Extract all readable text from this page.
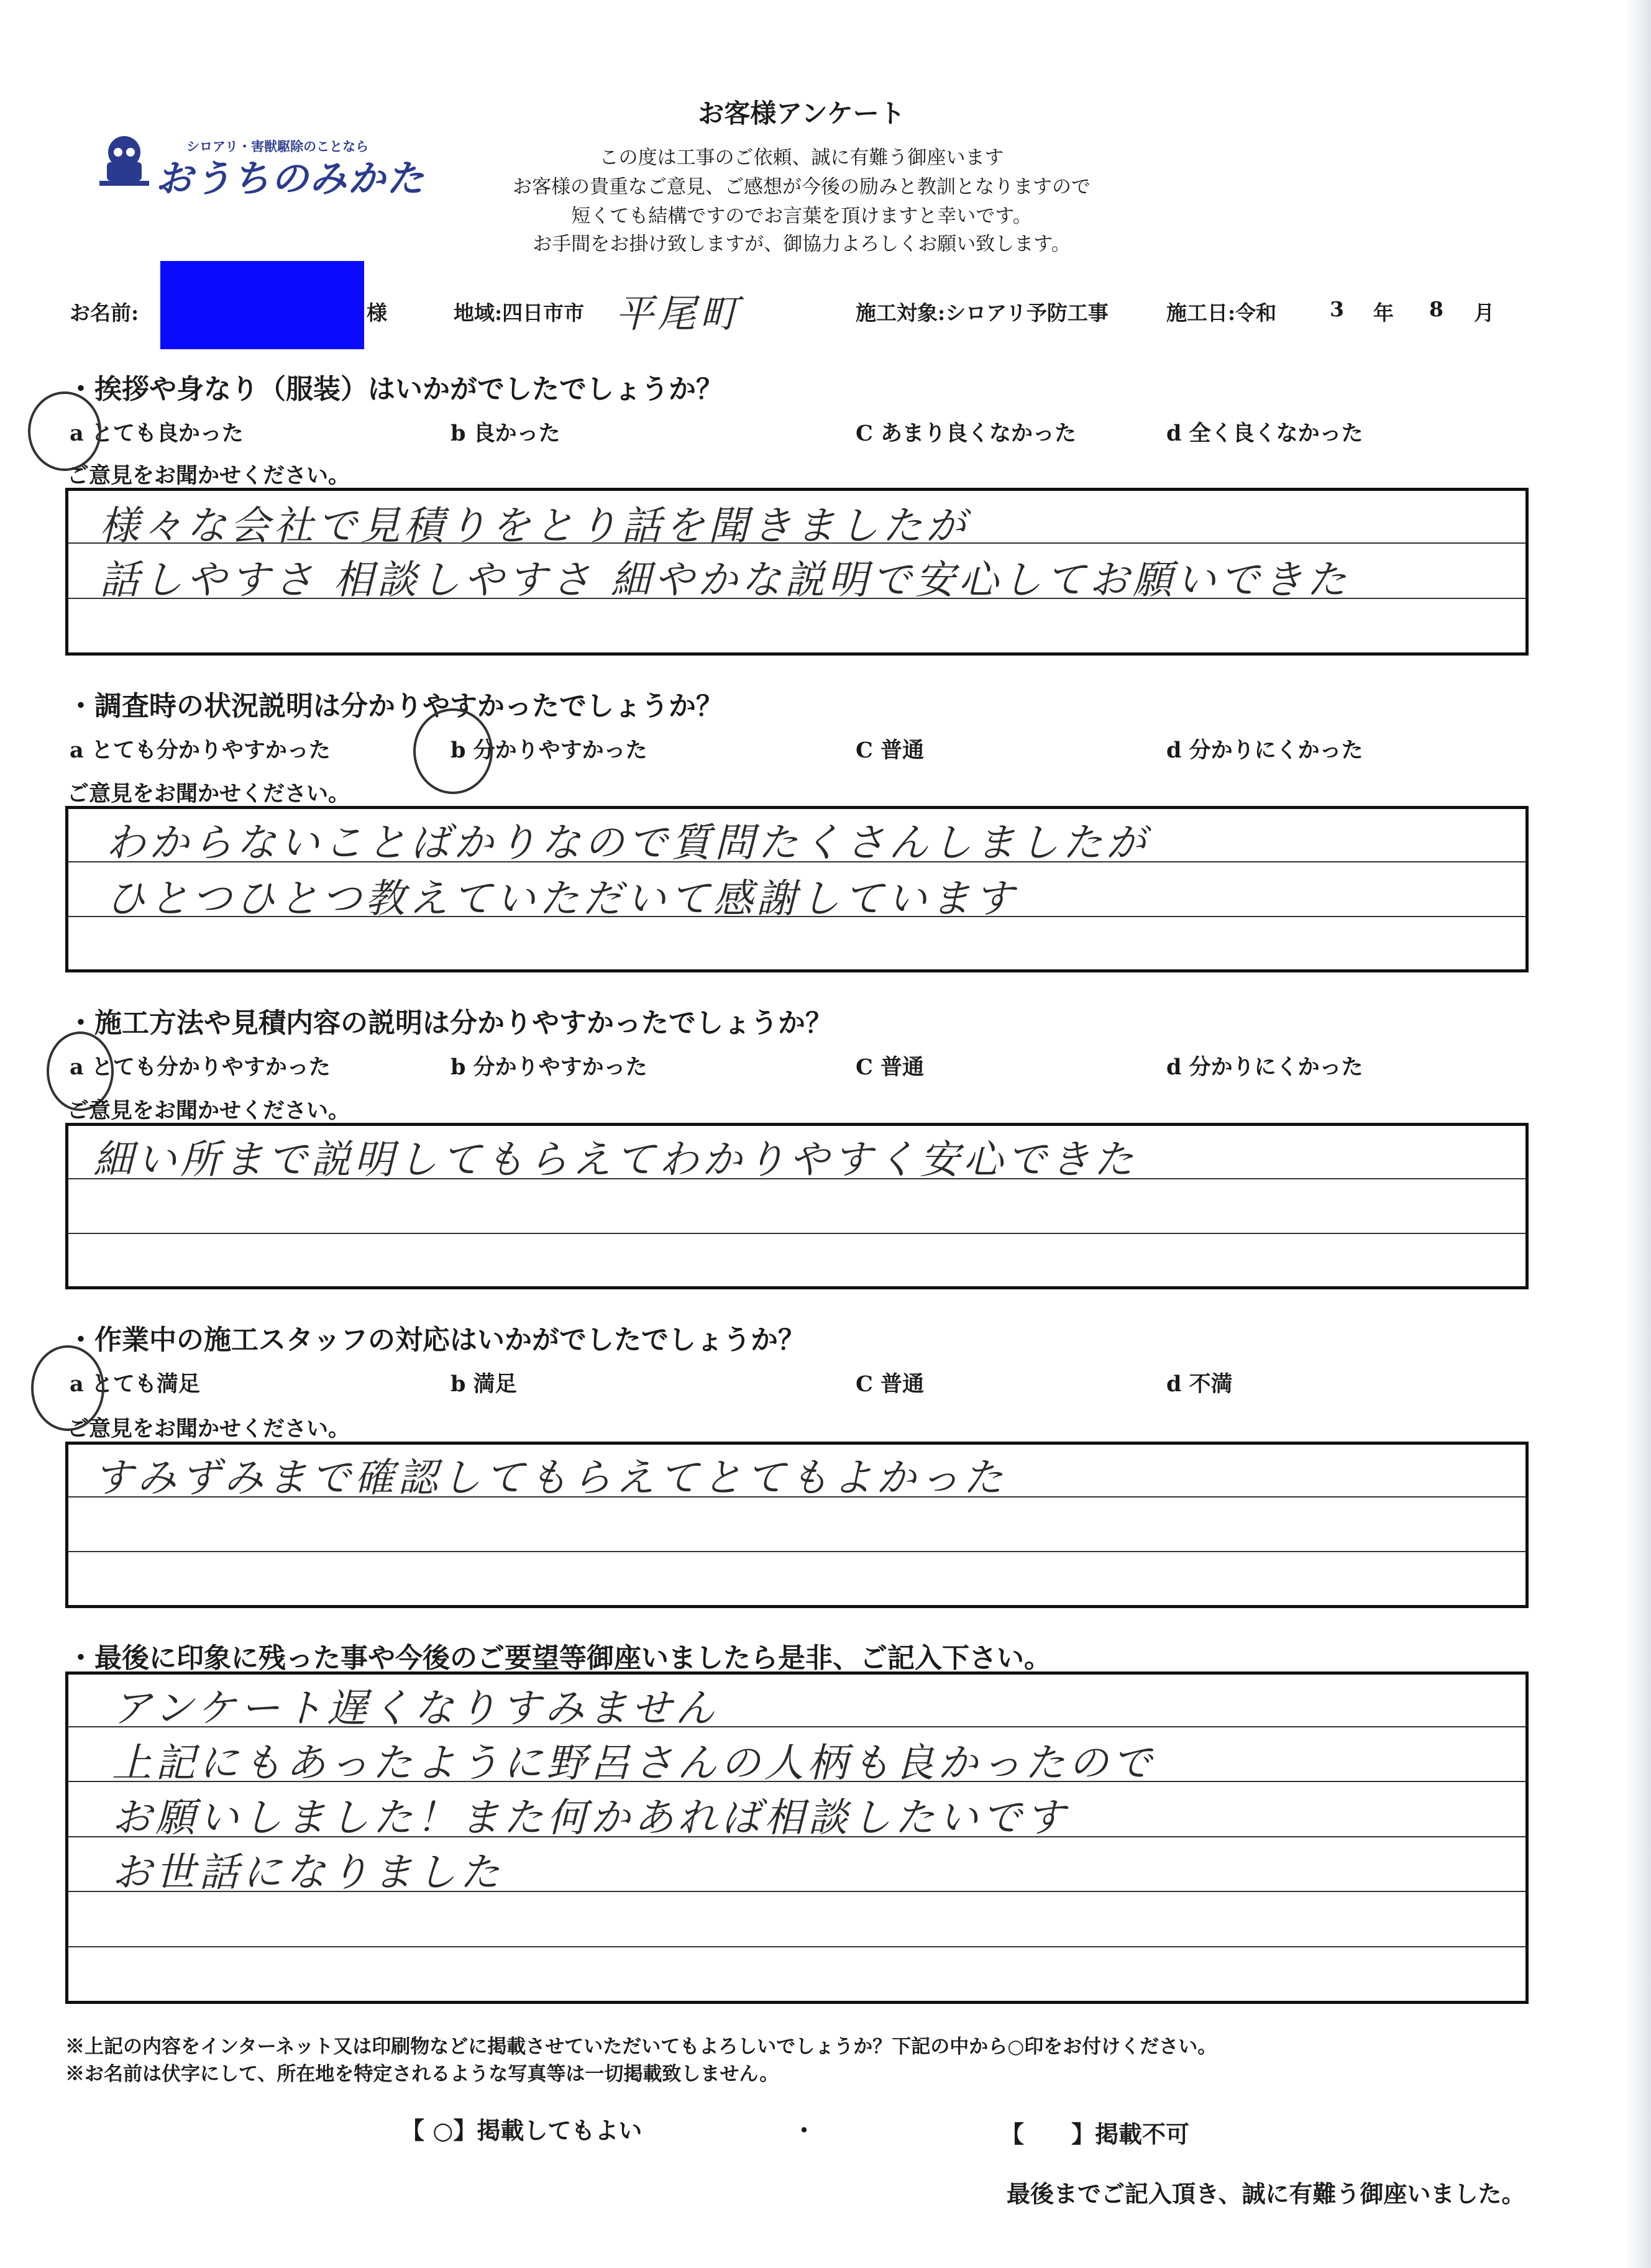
シロアリ・害獣駆除のことなら
おうちのみかた
お客様アンケート
この度は工事のご依頼、誠に有難う御座います
お客様の貴重なご意見、ご感想が今後の励みと教訓となりますので
短くても結構ですのでお言葉を頂けますと幸いです。
お手間をお掛け致しますが、御協力よろしくお願い致します。
お名前:	様	地域:四日市市 平尾町	施工対象:シロアリ予防工事	施工日:令和	3 年 8 月
・挨拶や身なり（服装）はいかがでしたでしょうか？
a とても良かった	b 良かった	C あまり良くなかった	d 全く良くなかった
ご意見をお聞かせください。
様々な会社で見積りをとり話を聞きましたが
話しやすさ 相談しやすさ 細やかな説明で安心してお願いできた
・調査時の状況説明は分かりやすかったでしょうか？
a とても分かりやすかった	b 分かりやすかった	C 普通	d 分かりにくかった
ご意見をお聞かせください。
わからないことばかりなので質問たくさんしましたが
ひとつひとつ教えていただいて感謝しています
・施工方法や見積内容の説明は分かりやすかったでしょうか？
a とても分かりやすかった	b 分かりやすかった	C 普通	d 分かりにくかった
ご意見をお聞かせください。
細い所まで説明してもらえてわかりやすく安心できた
・作業中の施工スタッフの対応はいかがでしたでしょうか？
a とても満足	b 満足	C 普通	d 不満
ご意見をお聞かせください。
すみずみまで確認してもらえてとてもよかった
・最後に印象に残った事や今後のご要望等御座いましたら是非、ご記入下さい。
アンケート遅くなりすみません
上記にもあったように野呂さんの人柄も良かったので
お願いしました！また何かあれば相談したいです
お世話になりました
※上記の内容をインターネット又は印刷物などに掲載させていただいてもよろしいでしょうか？下記の中から○印をお付けください。
※お名前は伏字にして、所在地を特定されるような写真等は一切掲載致しません。
【 ○】掲載してもよい	・	【　　】掲載不可
最後までご記入頂き、誠に有難う御座いました。
